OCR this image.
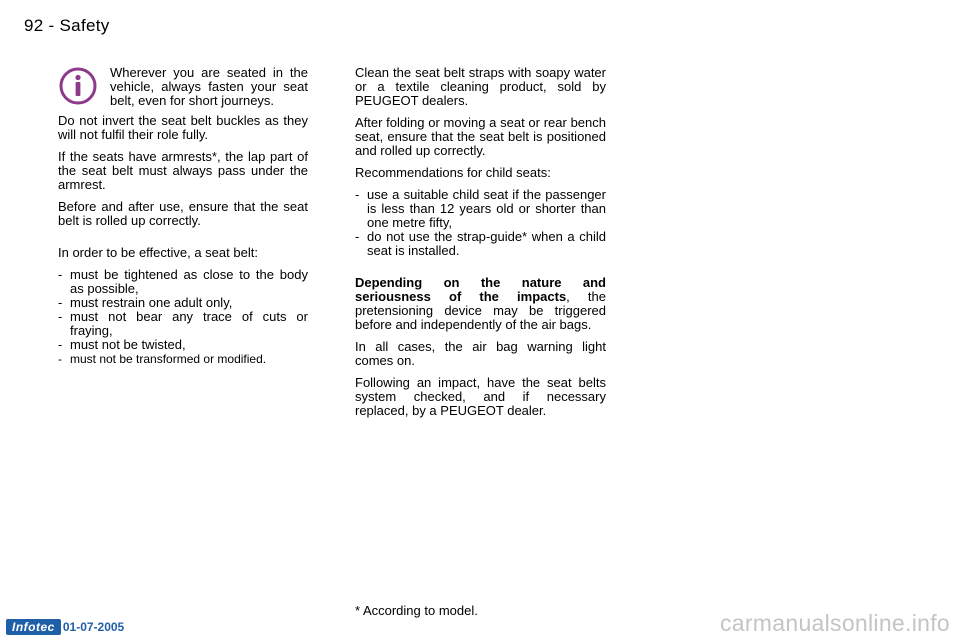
92 - Safety
Wherever you are seated in the vehicle, always fasten your seat belt, even for short journeys.

Do not invert the seat belt buckles as they will not fulfil their role fully.

If the seats have armrests*, the lap part of the seat belt must always pass under the armrest.

Before and after use, ensure that the seat belt is rolled up correctly.

In order to be effective, a seat belt:

- must be tightened as close to the body as possible,
- must restrain one adult only,
- must not bear any trace of cuts or fraying,
- must not be twisted,
- must not be transformed or modified.

Clean the seat belt straps with soapy water or a textile cleaning product, sold by PEUGEOT dealers.

After folding or moving a seat or rear bench seat, ensure that the seat belt is positioned and rolled up correctly.

Recommendations for child seats:

- use a suitable child seat if the passenger is less than 12 years old or shorter than one metre fifty,
- do not use the strap-guide* when a child seat is installed.

Depending on the nature and seriousness of the impacts, the pretensioning device may be triggered before and independently of the air bags.

In all cases, the air bag warning light comes on.

Following an impact, have the seat belts system checked, and if necessary replaced, by a PEUGEOT dealer.

* According to model.
Infotec 01-07-2005	carmanualsonline.info
